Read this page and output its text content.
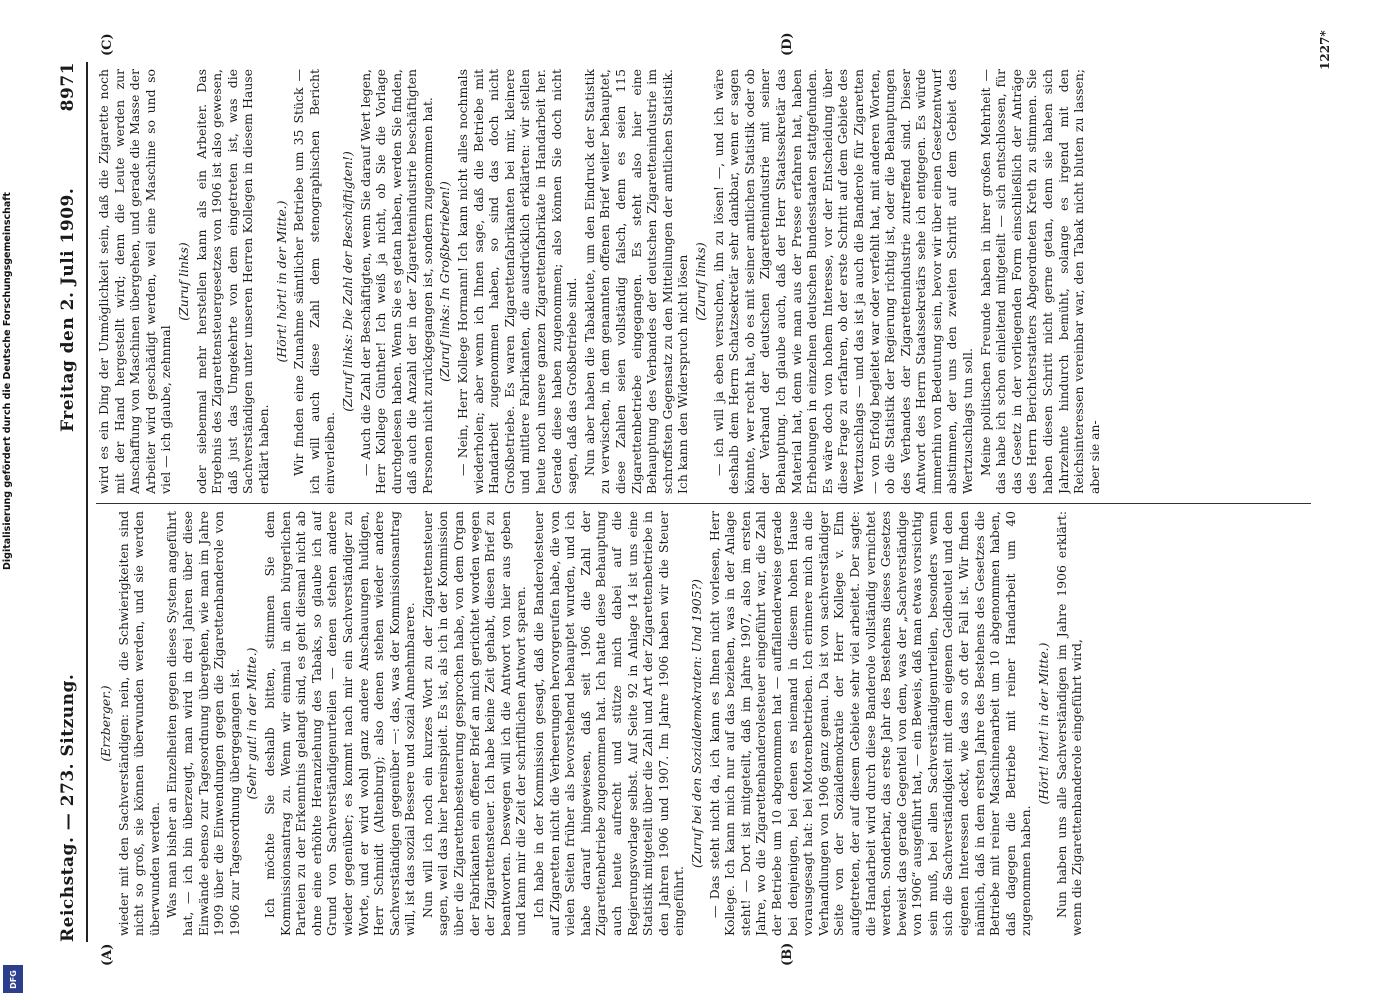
Reichstag. — 273. Sitzung.
Freitag den 2. Juli 1909.
8971
(A)	(B)
(C)	(D)

(Erzberger.) wieder mit den Sachverständigen: nein, die Schwierigkeiten sind nicht so groß, sie können überwunden werden, und sie werden überwunden werden. Was man bisher an Einzelheiten gegen dieses System angeführt hat, — ich bin überzeugt, man wird in drei Jahren über diese Einwände ebenso zur Tagesordnung übergehen, wie man im Jahre 1909 über die Einwendungen gegen die Zigarettenbanderole von 1906 zur Tagesordnung übergegangen ist. (Sehr gut! in der Mitte.) Ich möchte Sie deshalb bitten, stimmen Sie dem Kommissionsantrag zu. Wenn wir einmal in allen bürgerlichen Parteien zu der Erkenntnis gelangt sind, es geht diesmal nicht ab ohne eine erhöhte Heranziehung des Tabaks, so glaube ich auf Grund von Sachverständigenurteilen — denen stehen andere wieder gegenüber; es kommt nach mir ein Sachverständiger zu Worte, und er wird wohl ganz andere Anschauungen huldigen, Herr Schmidt (Altenburg); also denen stehen wieder andere Sachverständigen gegenüber —: das, was der Kommissionsantrag will, ist das sozial Bessere und sozial Annehmbarere. Nun will ich noch ein kurzes Wort zu der Zigarettensteuer sagen, weil das hier hereinspielt. Es ist, als ich in der Kommission über die Zigarettenbesteuerung gesprochen habe, von dem Organ der Fabrikanten ein offener Brief an mich gerichtet worden wegen der Zigarettensteuer. Ich habe keine Zeit gehabt, diesen Brief zu beantworten. Deswegen will ich die Antwort von hier aus geben und kann mir die Zeit der schriftlichen Antwort sparen. Ich habe in der Kommission gesagt, daß die Banderolesteuer auf Zigaretten nicht die Verheerungen hervorgerufen habe, die von vielen Seiten früher als bevorstehend behauptet wurden, und ich habe darauf hingewiesen, daß seit 1906 die Zahl der Zigarettenbetriebe zugenommen hat. Ich hatte diese Behauptung auch heute aufrecht und stütze mich dabei auf die Regierungsvorlage selbst. Auf Seite 92 in Anlage 14 ist uns eine Statistik mitgeteilt über die Zahl und Art der Zigarettenbetriebe in den Jahren 1906 und 1907. Im Jahre 1906 haben wir die Steuer eingeführt.

(Zuruf bei den Sozialdemokraten: Und 1905?) — Das steht nicht da, ich kann es Ihnen nicht vorlesen, Herr Kollege. Ich kann mich nur auf das beziehen, was in der Anlage steht! — Dort ist mitgeteilt, daß im Jahre 1907, also im ersten Jahre, wo die Zigarettenbanderolesteuer eingeführt war, die Zahl der Betriebe um 10 abgenommen hat — auffallenderweise gerade bei denjenigen, bei denen es niemand in diesem hohen Hause vorausgesagt hat: bei Motorenbetrieben. Ich erinnere mich an die Verhandlungen von 1906 ganz genau. Da ist von sachverständiger Seite von der Sozialdemokratie der Herr Kollege v. Elm aufgetreten, der auf diesem Gebiete sehr viel arbeitet. Der sagte: die Handarbeit wird durch diese Banderole vollständig vernichtet werden. Sonderbar, das erste Jahr des Bestehens dieses Gesetzes beweist das gerade Gegenteil von dem, was der „Sachverständige von 1906“ ausgeführt hat, — ein Beweis, daß man etwas vorsichtig sein muß, bei allen Sachverständigenurteilen, besonders wenn sich die Sachverständigkeit mit dem eigenen Geldbeutel und den eigenen Interessen deckt, wie das so oft der Fall ist. Wir finden nämlich, daß in dem ersten Jahre des Bestehens des Gesetzes die Betriebe mit reiner Maschinenarbeit um 10 abgenommen haben, daß dagegen die Betriebe mit reiner Handarbeit um 40 zugenommen haben.

(Hört! hört! in der Mitte.) Nun haben uns alle Sachverständigen im Jahre 1906 erklärt: wenn die Zigarettenbanderole eingeführt wird,

wird es ein Ding der Unmöglichkeit sein, daß die Zigarette noch mit der Hand hergestellt wird; denn die Leute werden zur Anschaffung von Maschinen übergehen, und gerade die Masse der Arbeiter wird geschädigt werden, weil eine Maschine so und so viel — ich glaube, zehnmal

(Zuruf links) oder siebenmal mehr herstellen kann als ein Arbeiter. Das Ergebnis des Zigarettensteuergesetzes von 1906 ist also gewesen, daß just das Umgekehrte von dem eingetreten ist, was die Sachverständigen unter unseren Herren Kollegen in diesem Hause erklärt haben.

(Hört! hört! in der Mitte.) Wir finden eine Zunahme sämtlicher Betriebe um 35 Stück — ich will auch diese Zahl dem stenographischen Bericht einverleiben.

(Zuruf links: Die Zahl der Beschäftigten!) — Auch die Zahl der Beschäftigten, wenn Sie darauf Wert legen, Herr Kollege Günther! Ich weiß ja nicht, ob Sie die Vorlage durchgelesen haben. Wenn Sie es getan haben, werden Sie finden, daß auch die Anzahl der in der Zigarettenindustrie beschäftigten Personen nicht zurückgegangen ist, sondern zugenommen hat. (Zuruf links: In Großbetrieben!) — Nein, Herr Kollege Hormann! Ich kann nicht alles nochmals wiederholen; aber wenn ich Ihnen sage, daß die Betriebe mit Handarbeit zugenommen haben, so sind das doch nicht Großbetriebe. Es waren Zigarettenfabrikanten bei mir, kleinere und mittlere Fabrikanten, die ausdrücklich erklärten: wir stellen heute noch unsere ganzen Zigarettenfabrikate in Handarbeit her. Gerade diese haben zugenommen; also können Sie doch nicht sagen, daß das Großbetriebe sind. Nun aber haben die Tabakleute, um den Eindruck der Statistik zu verwischen, in dem genannten offenen Brief weiter behauptet, diese Zahlen seien vollständig falsch, denn es seien 115 Zigarettenbetriebe eingegangen. Es steht also hier eine Behauptung des Verbandes der deutschen Zigarettenindustrie im schroffsten Gegensatz zu den Mitteilungen der amtlichen Statistik. Ich kann den Widerspruch nicht lösen (Zuruf links) — ich will ja eben versuchen, ihn zu lösen! —, und ich wäre deshalb dem Herrn Schatzsekretär sehr dankbar, wenn er sagen könnte, wer recht hat, ob es mit seiner amtlichen Statistik oder ob der Verband der deutschen Zigarettenindustrie mit seiner Behauptung. Ich glaube auch, daß der Herr Staatssekretär das Material hat, denn wie man aus der Presse erfahren hat, haben Erhebungen in einzelnen deutschen Bundesstaaten stattgefunden. Es wäre doch von hohem Interesse, vor der Entscheidung über diese Frage zu erfahren, ob der erste Schritt auf dem Gebiete des Wertzuschlags — und das ist ja auch die Banderole für Zigaretten — von Erfolg begleitet war oder verfehlt hat, mit anderen Worten, ob die Statistik der Regierung richtig ist, oder die Behauptungen des Verbandes der Zigarettenindustrie zutreffend sind. Dieser Antwort des Herrn Staatssekretärs sehe ich entgegen. Es würde immerhin von Bedeutung sein, bevor wir über einen Gesetzentwurf abstimmen, der uns den zweiten Schritt auf dem Gebiet des Wertzuschlags tun soll. Meine politischen Freunde haben in ihrer großen Mehrheit — das habe ich schon einleitend mitgeteilt — sich entschlossen, für das Gesetz in der vorliegenden Form einschließlich der Anträge des Herrn Berichterstatters Abgeordneten Kreth zu stimmen. Sie haben diesen Schritt nicht gerne getan, denn sie haben sich Jahrzehnte hindurch bemüht, solange es irgend mit den Reichsinteressen vereinbar war, den Tabak nicht bluten zu lassen; aber sie an-

1227*
Digitalisierung gefördert durch die Deutsche Forschungsgemeinschaft
DFG
